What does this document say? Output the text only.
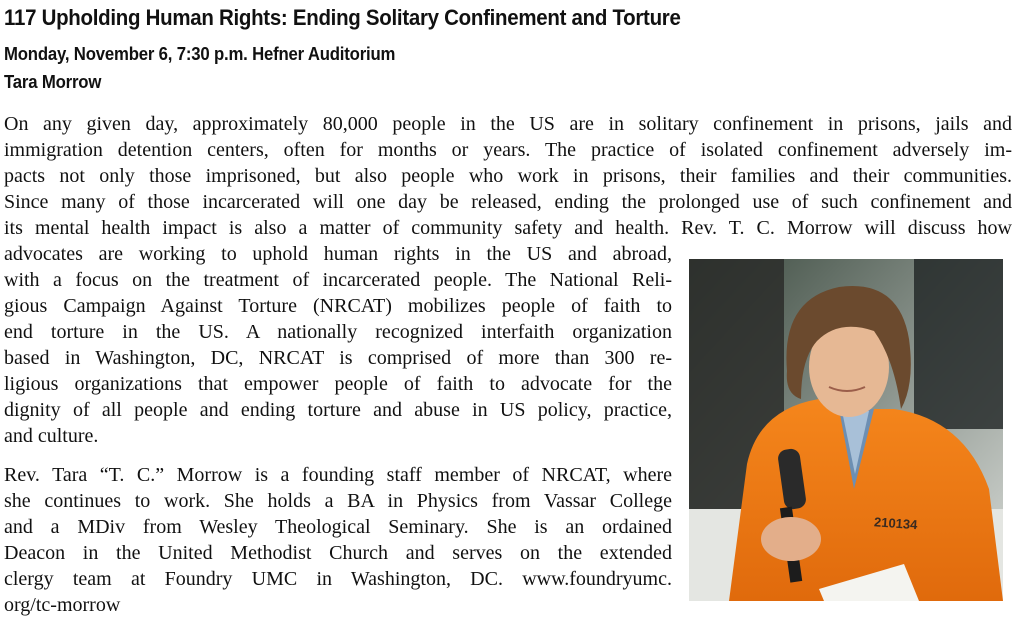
117 Upholding Human Rights: Ending Solitary Confinement and Torture
Monday, November 6, 7:30 p.m. Hefner Auditorium
Tara Morrow
On any given day, approximately 80,000 people in the US are in solitary confinement in prisons, jails and
immigration detention centers, often for months or years. The practice of isolated confinement adversely im-
pacts not only those imprisoned, but also people who work in prisons, their families and their communities.
Since many of those incarcerated will one day be released, ending the prolonged use of such confinement and
its mental health impact is also a matter of community safety and health. Rev. T. C. Morrow will discuss how
advocates are working to uphold human rights in the US and abroad,
with a focus on the treatment of incarcerated people. The National Reli-
gious Campaign Against Torture (NRCAT) mobilizes people of faith to
end torture in the US. A nationally recognized interfaith organization
based in Washington, DC, NRCAT is comprised of more than 300 re-
ligious organizations that empower people of faith to advocate for the
dignity of all people and ending torture and abuse in US policy, practice,
and culture.
Rev. Tara “T. C.” Morrow is a founding staff member of NRCAT, where
she continues to work. She holds a BA in Physics from Vassar College
and a MDiv from Wesley Theological Seminary. She is an ordained
Deacon in the United Methodist Church and serves on the extended
clergy team at Foundry UMC in Washington, DC. www.foundryumc.
org/tc-morrow
210134
